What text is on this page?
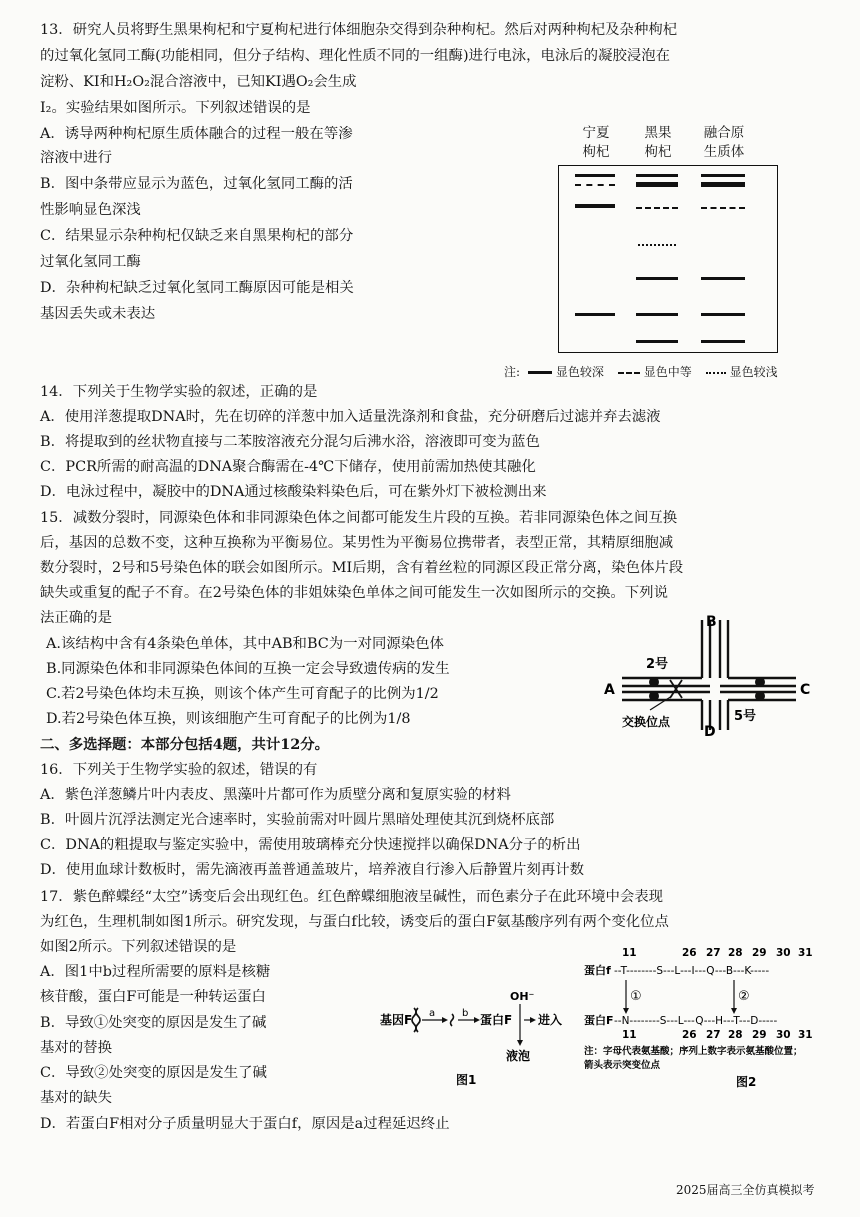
13．研究人员将野生黑果枸杞和宁夏枸杞进行体细胞杂交得到杂种枸杞。然后对两种枸杞及杂种枸杞
的过氧化氢同工酶(功能相同，但分子结构、理化性质不同的一组酶)进行电泳，电泳后的凝胶浸泡在
淀粉、KI和H₂O₂混合溶液中，已知KI遇O₂会生成
I₂。实验结果如图所示。下列叙述错误的是
A．诱导两种枸杞原生质体融合的过程一般在等渗
溶液中进行
B．图中条带应显示为蓝色，过氧化氢同工酶的活
性影响显色深浅
C．结果显示杂种枸杞仅缺乏来自黑果枸杞的部分
过氧化氢同工酶
D．杂种枸杞缺乏过氧化氢同工酶原因可能是相关
基因丢失或未表达
宁夏
枸杞
黑果
枸杞
融合原
生质体
注:	显色较深	显色中等	显色较浅
14．下列关于生物学实验的叙述，正确的是
A．使用洋葱提取DNA时，先在切碎的洋葱中加入适量洗涤剂和食盐，充分研磨后过滤并弃去滤液
B．将提取到的丝状物直接与二苯胺溶液充分混匀后沸水浴，溶液即可变为蓝色
C．PCR所需的耐高温的DNA聚合酶需在-4℃下储存，使用前需加热使其融化
D．电泳过程中，凝胶中的DNA通过核酸染料染色后，可在紫外灯下被检测出来
15．减数分裂时，同源染色体和非同源染色体之间都可能发生片段的互换。若非同源染色体之间互换
后，基因的总数不变，这种互换称为平衡易位。某男性为平衡易位携带者，表型正常，其精原细胞减
数分裂时，2号和5号染色体的联会如图所示。MⅠ后期，含有着丝粒的同源区段正常分离，染色体片段
缺失或重复的配子不育。在2号染色体的非姐妹染色单体之间可能发生一次如图所示的交换。下列说
法正确的是
A.该结构中含有4条染色单体，其中AB和BC为一对同源染色体
B.同源染色体和非同源染色体间的互换一定会导致遗传病的发生
C.若2号染色体均未互换，则该个体产生可育配子的比例为1/2
D.若2号染色体互换，则该细胞产生可育配子的比例为1/8
B
A	C
D
2号
5号
交换位点
二、多选择题：本部分包括4题，共计12分。
16．下列关于生物学实验的叙述，错误的有
A．紫色洋葱鳞片叶内表皮、黑藻叶片都可作为质壁分离和复原实验的材料
B．叶圆片沉浮法测定光合速率时，实验前需对叶圆片黑暗处理使其沉到烧杯底部
C．DNA的粗提取与鉴定实验中，需使用玻璃棒充分快速搅拌以确保DNA分子的析出
D．使用血球计数板时，需先滴液再盖普通盖玻片，培养液自行渗入后静置片刻再计数
17．紫色醉蝶经“太空”诱变后会出现红色。红色醉蝶细胞液呈碱性，而色素分子在此环境中会表现
为红色，生理机制如图1所示。研究发现，与蛋白f比较，诱变后的蛋白F氨基酸序列有两个变化位点
如图2所示。下列叙述错误的是
A．图1中b过程所需要的原料是核糖
核苷酸，蛋白F可能是一种转运蛋白
B．导致①处突变的原因是发生了碱
基对的替换
C．导致②处突变的原因是发生了碱
基对的缺失
D．若蛋白F相对分子质量明显大于蛋白f，原因是a过程延迟终止
基因F a	b 蛋白F
OH⁻
进入
液泡
图1
11	26 27 28 29 30 31
蛋白f --T--------S---L---I---Q---B---K-----
①	②
蛋白F --N--------S---L---Q---H---T---D-----
11	26 27 28 29 30 31
注：字母代表氨基酸；序列上数字表示氨基酸位置；
箭头表示突变位点
图2
2025届高三全仿真模拟考
